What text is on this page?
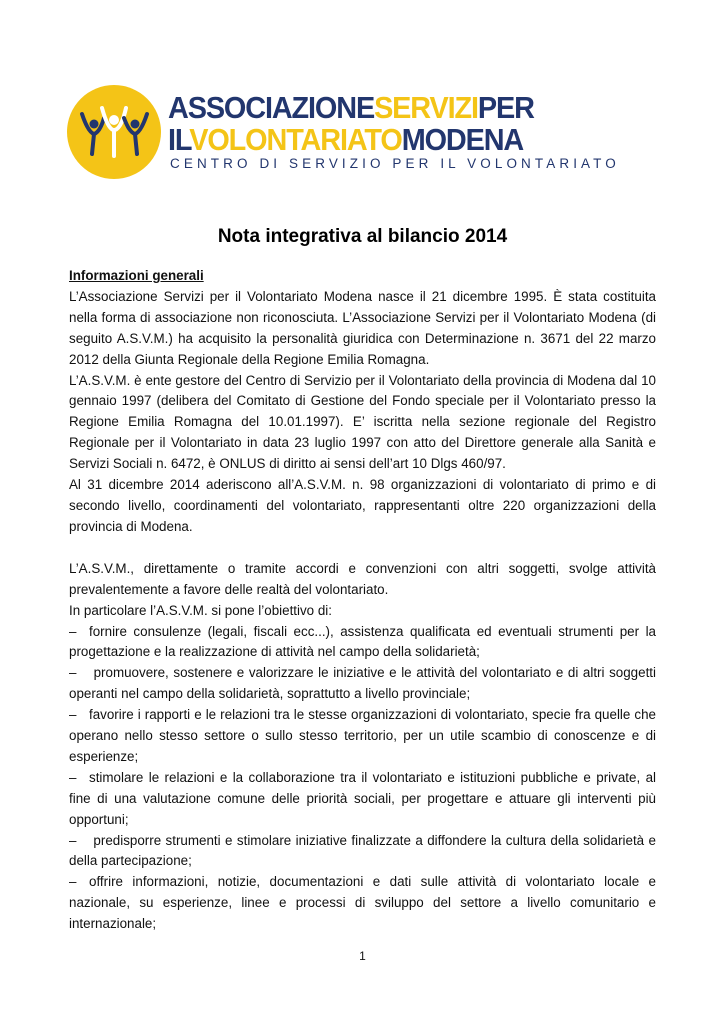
ASSOCIAZIONESERVIZIPER
ILVOLONTARIATOMODENA
CENTRO DI SERVIZIO PER IL VOLONTARIATO
Nota integrativa al bilancio 2014
Informazioni generali

L’Associazione Servizi per il Volontariato Modena nasce il 21 dicembre 1995. È stata costituita nella forma di associazione non riconosciuta. L’Associazione Servizi per il Volontariato Modena (di seguito A.S.V.M.) ha acquisito la personalità giuridica con Determinazione n. 3671 del 22 marzo 2012 della Giunta Regionale della Regione Emilia Romagna.

L’A.S.V.M. è ente gestore del Centro di Servizio per il Volontariato della provincia di Modena dal 10 gennaio 1997 (delibera del Comitato di Gestione del Fondo speciale per il Volontariato presso la Regione Emilia Romagna del 10.01.1997). E’ iscritta nella sezione regionale del Registro Regionale per il Volontariato in data 23 luglio 1997 con atto del Direttore generale alla Sanità e Servizi Sociali n. 6472, è ONLUS di diritto ai sensi dell’art 10 Dlgs 460/97.

Al 31 dicembre 2014 aderiscono all’A.S.V.M. n. 98 organizzazioni di volontariato di primo e di secondo livello, coordinamenti del volontariato, rappresentanti oltre 220 organizzazioni della provincia di Modena.

L’A.S.V.M., direttamente o tramite accordi e convenzioni con altri soggetti, svolge attività prevalentemente a favore delle realtà del volontariato.

In particolare l’A.S.V.M. si pone l’obiettivo di:

– fornire consulenze (legali, fiscali ecc...), assistenza qualificata ed eventuali strumenti per la progettazione e la realizzazione di attività nel campo della solidarietà;
– promuovere, sostenere e valorizzare le iniziative e le attività del volontariato e di altri soggetti operanti nel campo della solidarietà, soprattutto a livello provinciale;
– favorire i rapporti e le relazioni tra le stesse organizzazioni di volontariato, specie fra quelle che operano nello stesso settore o sullo stesso territorio, per un utile scambio di conoscenze e di esperienze;
– stimolare le relazioni e la collaborazione tra il volontariato e istituzioni pubbliche e private, al fine di una valutazione comune delle priorità sociali, per progettare e attuare gli interventi più opportuni;
– predisporre strumenti e stimolare iniziative finalizzate a diffondere la cultura della solidarietà e della partecipazione;
– offrire informazioni, notizie, documentazioni e dati sulle attività di volontariato locale e nazionale, su esperienze, linee e processi di sviluppo del settore a livello comunitario e internazionale;
1
